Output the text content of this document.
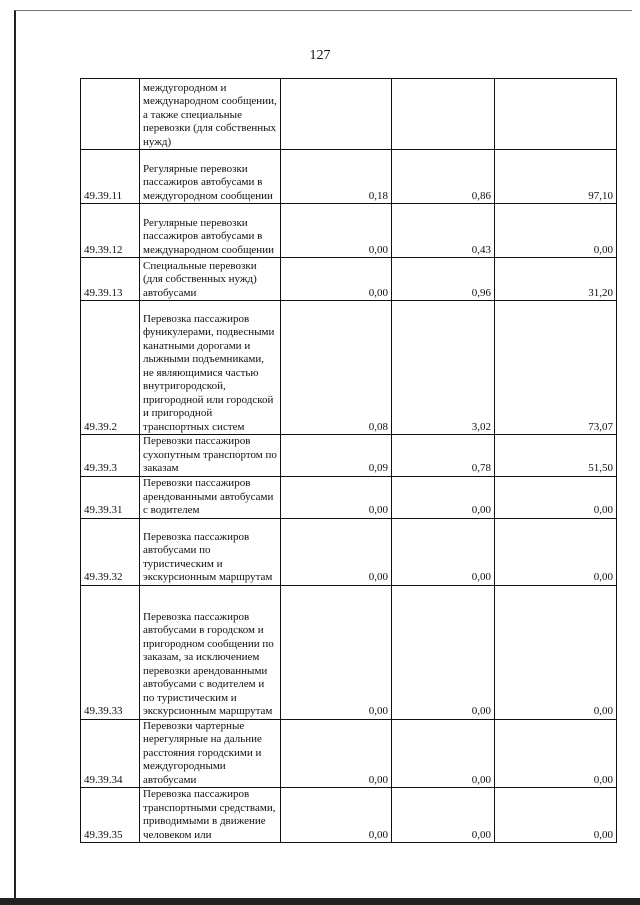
127
	междугородном и международном сообщении, а также специальные перевозки (для собственных нужд)			
49.39.11	Регулярные перевозки пассажиров автобусами в междугородном сообщении	0,18	0,86	97,10
49.39.12	Регулярные перевозки пассажиров автобусами в международном сообщении	0,00	0,43	0,00
49.39.13	Специальные перевозки (для собственных нужд) автобусами	0,00	0,96	31,20
49.39.2	Перевозка пассажиров фуникулерами, подвесными канатными дорогами и лыжными подъемниками, не являющимися частью внутригородской, пригородной или городской и пригородной транспортных систем	0,08	3,02	73,07
49.39.3	Перевозки пассажиров сухопутным транспортом по заказам	0,09	0,78	51,50
49.39.31	Перевозки пассажиров арендованными автобусами с водителем	0,00	0,00	0,00
49.39.32	Перевозка пассажиров автобусами по туристическим и экскурсионным маршрутам	0,00	0,00	0,00
49.39.33	Перевозка пассажиров автобусами в городском и пригородном сообщении по заказам, за исключением перевозки арендованными автобусами с водителем и по туристическим и экскурсионным маршрутам	0,00	0,00	0,00
49.39.34	Перевозки чартерные нерегулярные на дальние расстояния городскими и междугородными автобусами	0,00	0,00	0,00
49.39.35	Перевозка пассажиров транспортными средствами, приводимыми в движение человеком или	0,00	0,00	0,00
